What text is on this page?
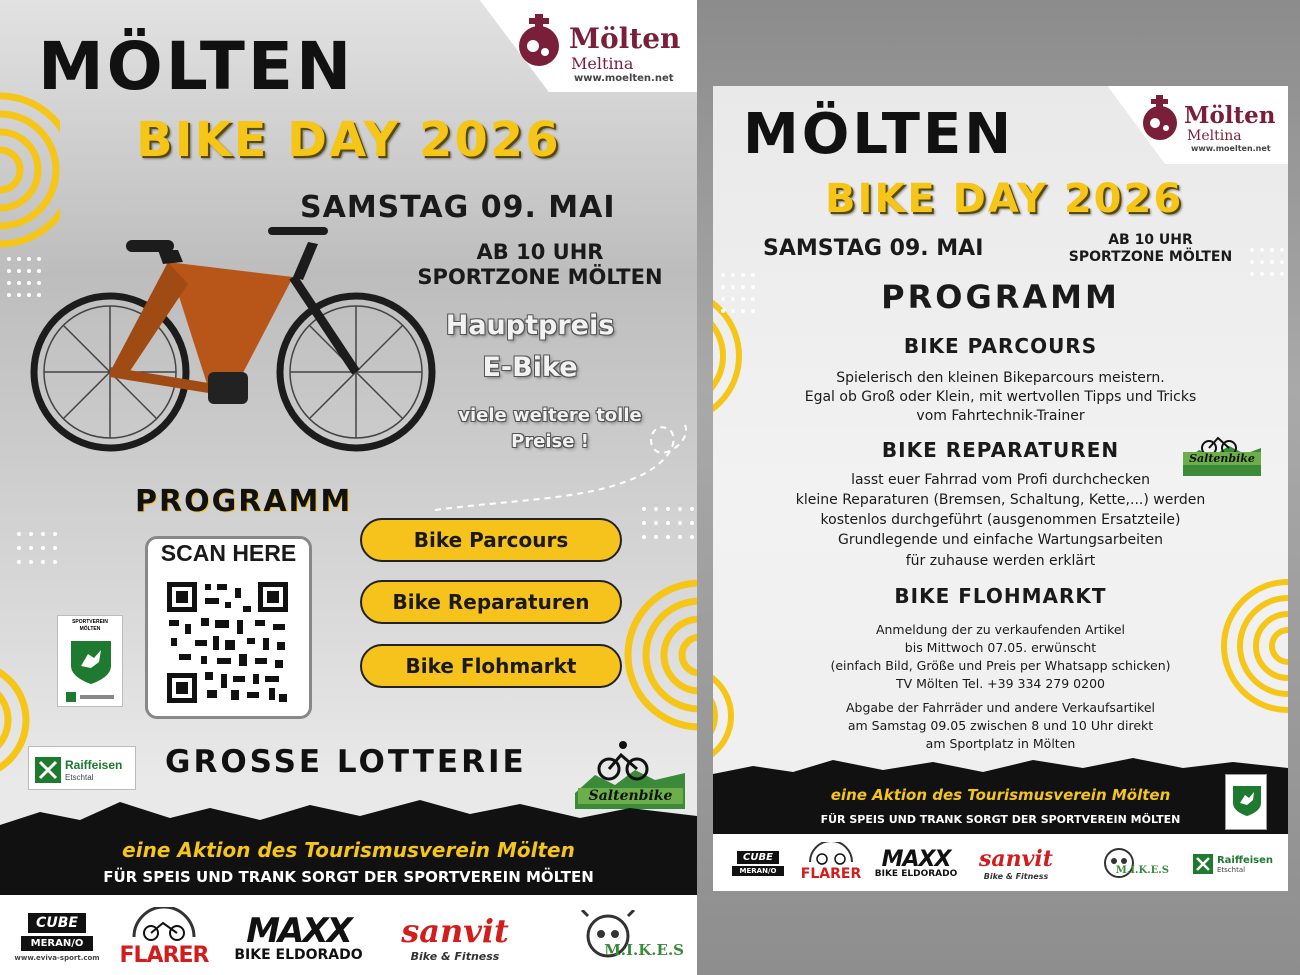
Mölten
Meltina
www.moelten.net
MÖLTEN
BIKE DAY 2026
SAMSTAG 09. MAI
AB 10 UHR
SPORTZONE MÖLTEN
Hauptpreis
E-Bike
viele weitere tolle
Preise !
PROGRAMM
SCAN HERE	Bike Parcours
Bike Reparaturen
Bike Flohmarkt
SPORTVEREIN
MÖLTEN
Raiffeisen
Etschtal GROSSE LOTTERIE
Saltenbike
eine Aktion des Tourismusverein Mölten
FÜR SPEIS UND TRANK SORGT DER SPORTVEREIN MÖLTEN
CUBE
MERAN/O
www.eviva-sport.com FLARER
MAXX
BIKE ELDORADO
sanvit
Bike & Fitness	M.I.K.E.S
Mölten
Meltina
www.moelten.net
MÖLTEN
BIKE DAY 2026
SAMSTAG 09. MAI	AB 10 UHR
SPORTZONE MÖLTEN
PROGRAMM
BIKE PARCOURS
Spielerisch den kleinen Bikeparcours meistern.
Egal ob Groß oder Klein, mit wertvollen Tipps und Tricks
vom Fahrtechnik-Trainer
BIKE REPARATUREN
lasst euer Fahrrad vom Profi durchchecken
kleine Reparaturen (Bremsen, Schaltung, Kette,...) werden
kostenlos durchgeführt (ausgenommen Ersatzteile)
Grundlegende und einfache Wartungsarbeiten
für zuhause werden erklärt
Saltenbike
BIKE FLOHMARKT
Anmeldung der zu verkaufenden Artikel
bis Mittwoch 07.05. erwünscht
(einfach Bild, Größe und Preis per Whatsapp schicken)
TV Mölten Tel. +39 334 279 0200
Abgabe der Fahrräder und andere Verkaufsartikel
am Samstag 09.05 zwischen 8 und 10 Uhr direkt
am Sportplatz in Mölten
eine Aktion des Tourismusverein Mölten
FÜR SPEIS UND TRANK SORGT DER SPORTVEREIN MÖLTEN
CUBE
MERAN/O	FLARER
MAXX
BIKE ELDORADO
sanvit
Bike & Fitness	M.I.K.E.S
Raiffeisen
Etschtal
